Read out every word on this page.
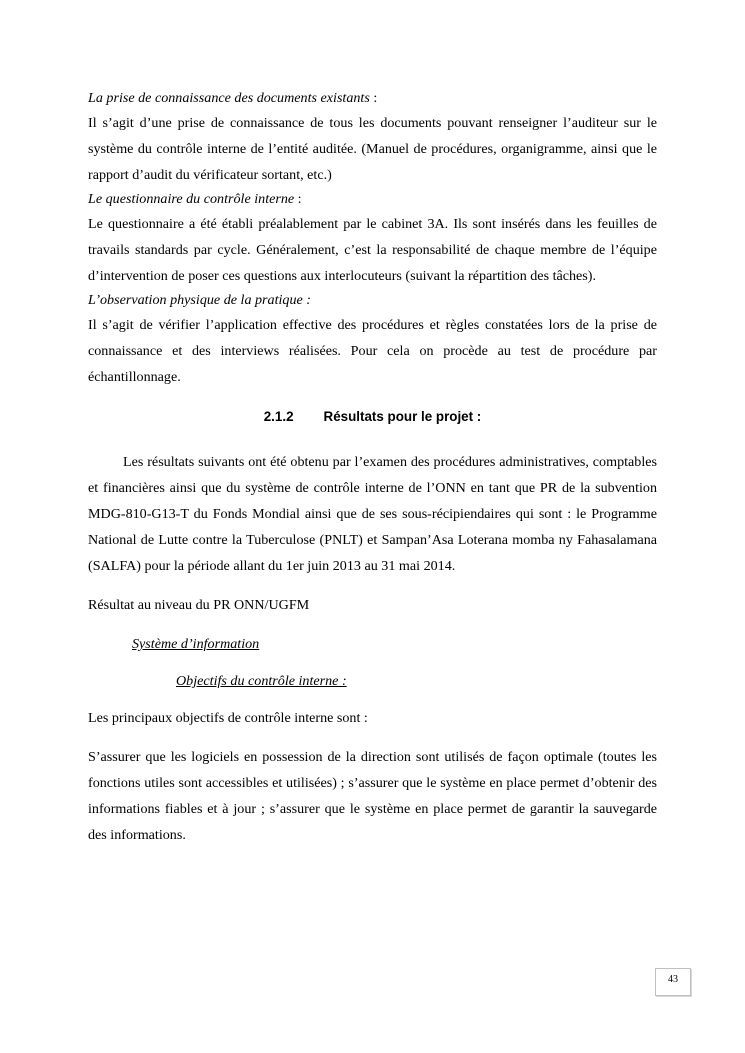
La prise de connaissance des documents existants :
Il s’agit d’une prise de connaissance de tous les documents pouvant renseigner l’auditeur sur le système du contrôle interne de l’entité auditée. (Manuel de procédures, organigramme, ainsi que le rapport d’audit du vérificateur sortant, etc.)
Le questionnaire du contrôle interne :
Le questionnaire a été établi préalablement par le cabinet 3A. Ils sont insérés dans les feuilles de travails standards par cycle. Généralement, c’est la responsabilité de chaque membre de l’équipe d’intervention de poser ces questions aux interlocuteurs (suivant la répartition des tâches).
L’observation physique de la pratique :
Il s’agit de vérifier l’application effective des procédures et règles constatées lors de la prise de connaissance et des interviews réalisées. Pour cela on procède au test de procédure par échantillonnage.
2.1.2 Résultats pour le projet :
Les résultats suivants ont été obtenu par l’examen des procédures administratives, comptables et financières ainsi que du système de contrôle interne de l’ONN en tant que PR de la subvention MDG-810-G13-T du Fonds Mondial ainsi que de ses sous-récipiendaires qui sont : le Programme National de Lutte contre la Tuberculose (PNLT) et Sampan’Asa Loterana momba ny Fahasalamana (SALFA) pour la période allant du 1er juin 2013 au 31 mai 2014.
Résultat au niveau du PR ONN/UGFM
Système d’information
Objectifs du contrôle interne :
Les principaux objectifs de contrôle interne sont :
S’assurer que les logiciels en possession de la direction sont utilisés de façon optimale (toutes les fonctions utiles sont accessibles et utilisées) ; s’assurer que le système en place permet d’obtenir des informations fiables et à jour ; s’assurer que le système en place permet de garantir la sauvegarde des informations.
43
